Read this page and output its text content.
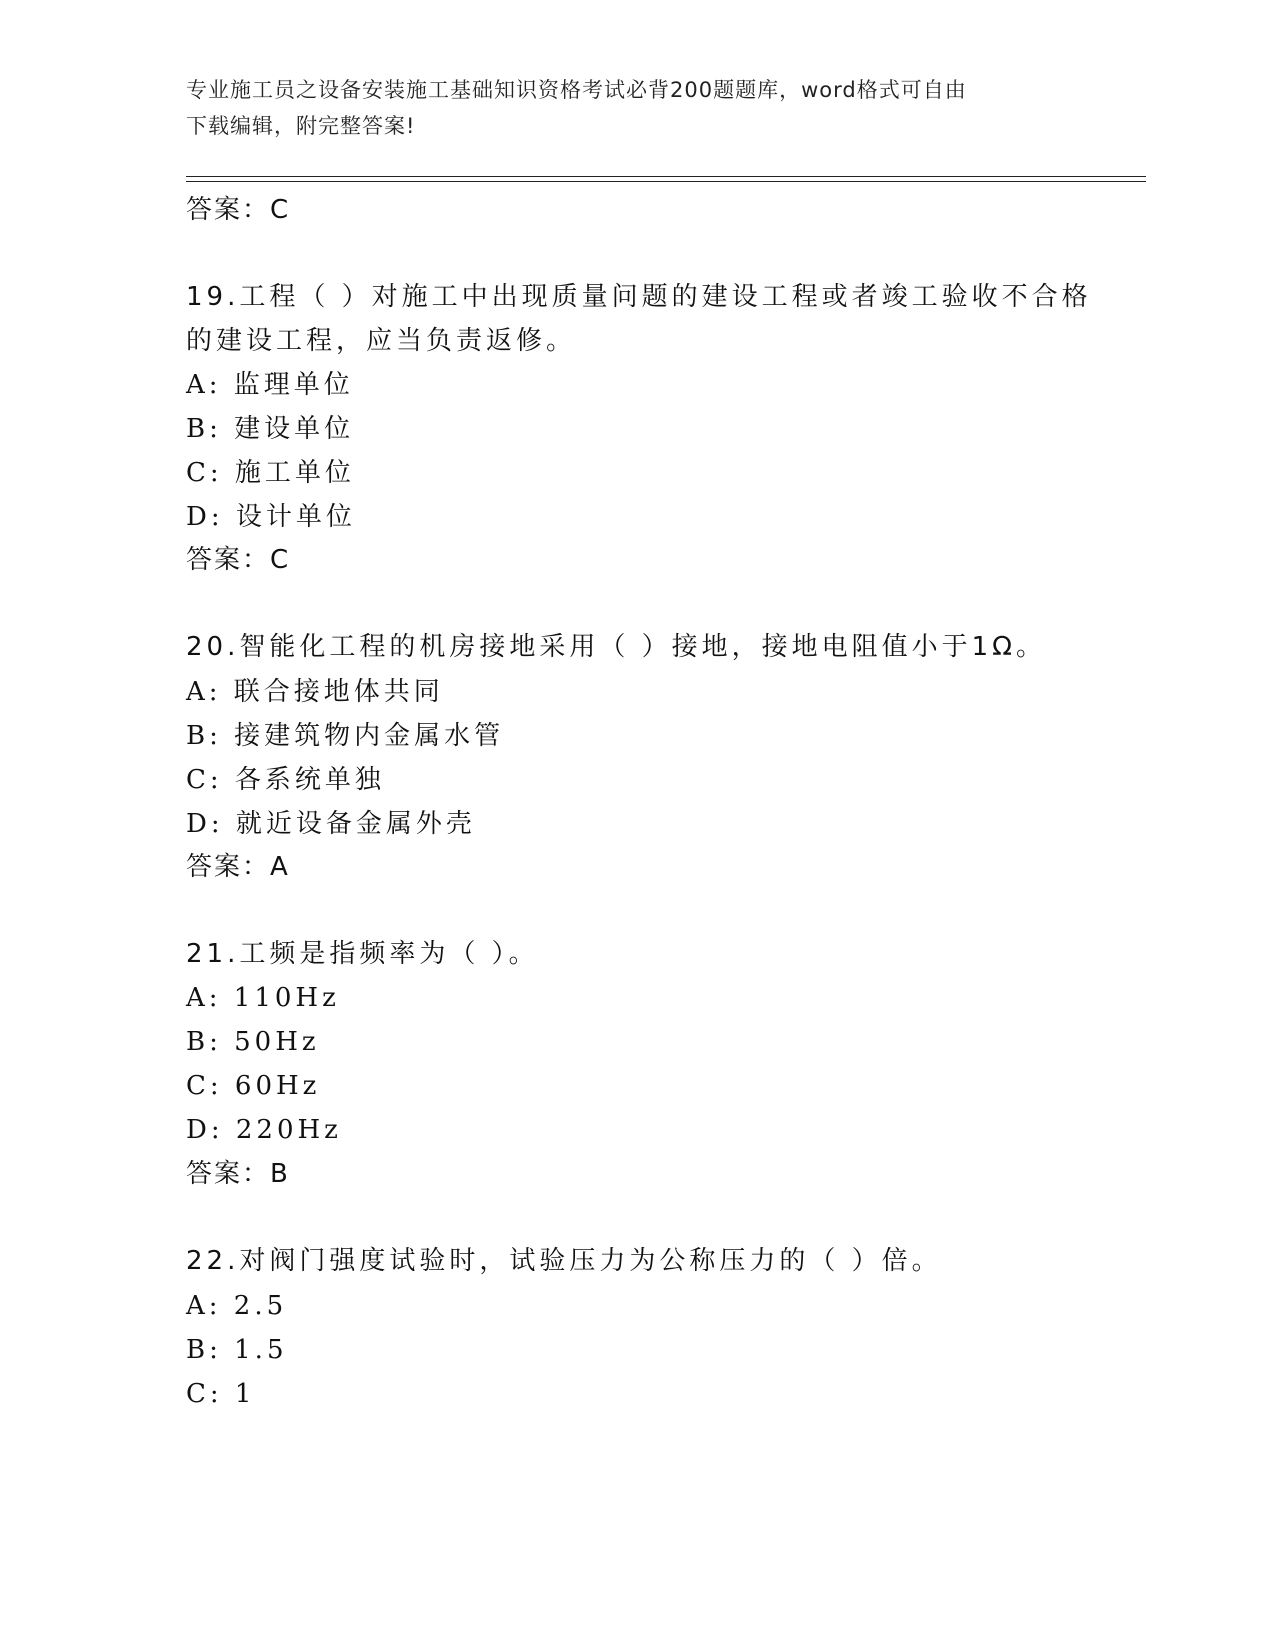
专业施工员之设备安装施工基础知识资格考试必背200题题库，word格式可自由
下载编辑，附完整答案!
答案：C
19.工程（ ）对施工中出现质量问题的建设工程或者竣工验收不合格
的建设工程，应当负责返修。
A: 监理单位
B: 建设单位
C: 施工单位
D: 设计单位
答案：C
20.智能化工程的机房接地采用（ ）接地，接地电阻值小于1Ω。
A: 联合接地体共同
B: 接建筑物内金属水管
C: 各系统单独
D: 就近设备金属外壳
答案：A
21.工频是指频率为（ ）。
A: 110Hz
B: 50Hz
C: 60Hz
D: 220Hz
答案：B
22.对阀门强度试验时，试验压力为公称压力的（ ）倍。
A: 2.5
B: 1.5
C: 1
